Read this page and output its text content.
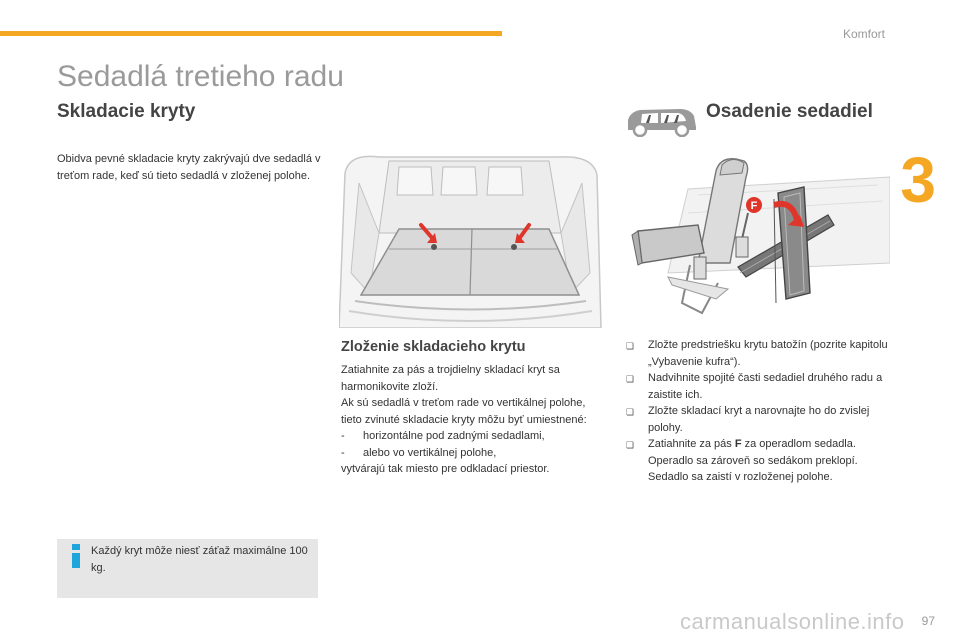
Komfort
3
Sedadlá tretieho radu
Skladacie kryty	Osadenie sedadiel
Obidva pevné skladacie kryty zakrývajú dve sedadlá v treťom rade, keď sú tieto sedadlá v zloženej polohe.
F
Zloženie skladacieho krytu

Zatiahnite za pás a trojdielny skladací kryt sa harmonikovite zloží.

Ak sú sedadlá v treťom rade vo vertikálnej polohe, tieto zvinuté skladacie kryty môžu byť umiestnené:

-	horizontálne pod zadnými sedadlami,
-	alebo vo vertikálnej polohe,

vytvárajú tak miesto pre odkladací priestor.

❏	Zložte predstriešku krytu batožín (pozrite kapitolu „Vybavenie kufra“).
❏	Nadvihnite spojité časti sedadiel druhého radu a zaistite ich.
❏	Zložte skladací kryt a narovnajte ho do zvislej polohy.
❏	Zatiahnite za pás F za operadlom sedadla. Operadlo sa zároveň so sedákom preklopí. Sedadlo sa zaistí v rozloženej polohe.
Každý kryt môže niesť záťaž maximálne 100 kg.
carmanualsonline.info 97
